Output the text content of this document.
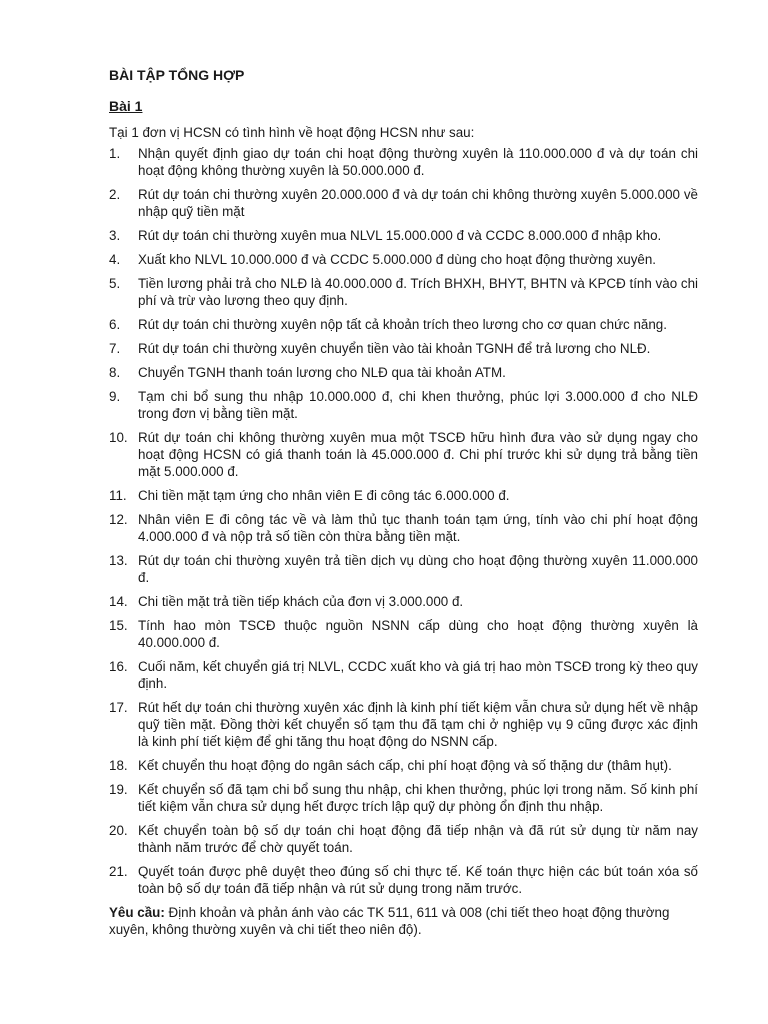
BÀI TẬP TỔNG HỢP
Bài 1
Tại 1 đơn vị HCSN có tình hình về hoạt động HCSN như sau:
1. Nhận quyết định giao dự toán chi hoạt động thường xuyên là 110.000.000 đ và dự toán chi hoạt động không thường xuyên là 50.000.000 đ.
2. Rút dự toán chi thường xuyên 20.000.000 đ và dự toán chi không thường xuyên 5.000.000 về nhập quỹ tiền mặt
3. Rút dự toán chi thường xuyên mua NLVL 15.000.000 đ và CCDC 8.000.000 đ nhập kho.
4. Xuất kho NLVL 10.000.000 đ và CCDC 5.000.000 đ dùng cho hoạt động thường xuyên.
5. Tiền lương phải trả cho NLĐ là 40.000.000 đ. Trích BHXH, BHYT, BHTN và KPCĐ tính vào chi phí và trừ vào lương theo quy định.
6. Rút dự toán chi thường xuyên nộp tất cả khoản trích theo lương cho cơ quan chức năng.
7. Rút dự toán chi thường xuyên chuyển tiền vào tài khoản TGNH để trả lương cho NLĐ.
8. Chuyển TGNH thanh toán lương cho NLĐ qua tài khoản ATM.
9. Tạm chi bổ sung thu nhập 10.000.000 đ, chi khen thưởng, phúc lợi 3.000.000 đ cho NLĐ trong đơn vị bằng tiền mặt.
10. Rút dự toán chi không thường xuyên mua một TSCĐ hữu hình đưa vào sử dụng ngay cho hoạt động HCSN có giá thanh toán là 45.000.000 đ. Chi phí trước khi sử dụng trả bằng tiền mặt 5.000.000 đ.
11. Chi tiền mặt tạm ứng cho nhân viên E đi công tác 6.000.000 đ.
12. Nhân viên E đi công tác về và làm thủ tục thanh toán tạm ứng, tính vào chi phí hoạt động 4.000.000 đ và nộp trả số tiền còn thừa bằng tiền mặt.
13. Rút dự toán chi thường xuyên trả tiền dịch vụ dùng cho hoạt động thường xuyên 11.000.000 đ.
14. Chi tiền mặt trả tiền tiếp khách của đơn vị 3.000.000 đ.
15. Tính hao mòn TSCĐ thuộc nguồn NSNN cấp dùng cho hoạt động thường xuyên là 40.000.000 đ.
16. Cuối năm, kết chuyển giá trị NLVL, CCDC xuất kho và giá trị hao mòn TSCĐ trong kỳ theo quy định.
17. Rút hết dự toán chi thường xuyên xác định là kinh phí tiết kiệm vẫn chưa sử dụng hết về nhập quỹ tiền mặt. Đồng thời kết chuyển số tạm thu đã tạm chi ở nghiệp vụ 9 cũng được xác định là kinh phí tiết kiệm để ghi tăng thu hoạt động do NSNN cấp.
18. Kết chuyển thu hoạt động do ngân sách cấp, chi phí hoạt động và số thặng dư (thâm hụt).
19. Kết chuyển số đã tạm chi bổ sung thu nhập, chi khen thưởng, phúc lợi trong năm. Số kinh phí tiết kiệm vẫn chưa sử dụng hết được trích lập quỹ dự phòng ổn định thu nhập.
20. Kết chuyển toàn bộ số dự toán chi hoạt động đã tiếp nhận và đã rút sử dụng từ năm nay thành năm trước để chờ quyết toán.
21. Quyết toán được phê duyệt theo đúng số chi thực tế. Kế toán thực hiện các bút toán xóa số toàn bộ số dự toán đã tiếp nhận và rút sử dụng trong năm trước.
Yêu cầu: Định khoản và phản ánh vào các TK 511, 611 và 008 (chi tiết theo hoạt động thường xuyên, không thường xuyên và chi tiết theo niên độ).
